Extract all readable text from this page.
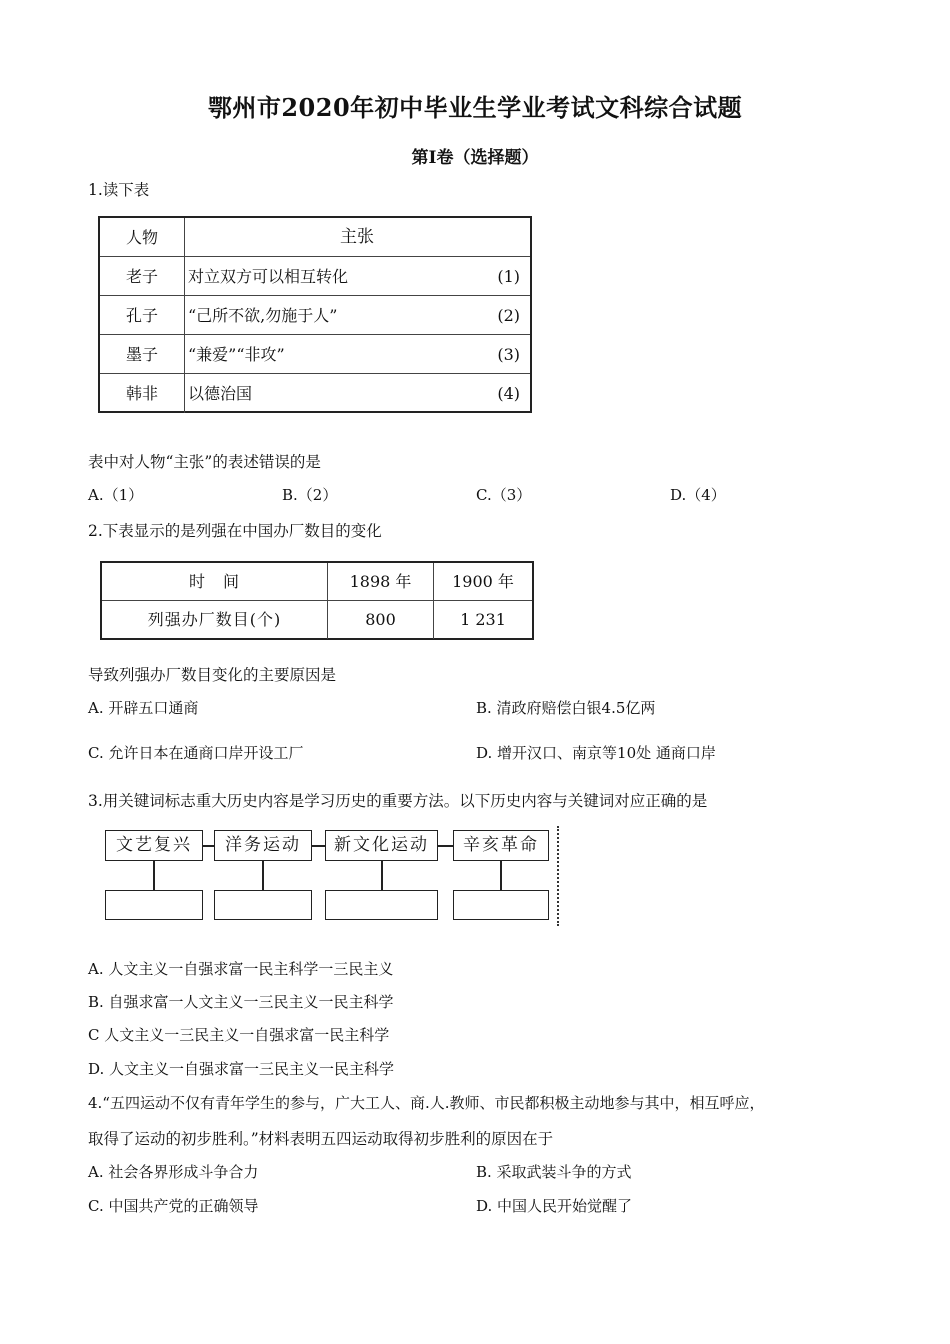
鄂州市2020年初中毕业生学业考试文科综合试题
第Ⅰ卷（选择题）
1.读下表
人物	主张
老子	对立双方可以相互转化	(1)
孔子	“己所不欲,勿施于人”	(2)
墨子	“兼爱”“非攻”	(3)
韩非	以德治国	(4)
表中对人物“主张”的表述错误的是
A.（1）	B.（2）	C.（3）	D.（4）
2.下表显示的是列强在中国办厂数目的变化
时　间	1898 年	1900 年
列强办厂数目(个)	800	1 231
导致列强办厂数目变化的主要原因是
A. 开辟五口通商	B. 清政府赔偿白银4.5亿两
C. 允许日本在通商口岸开设工厂	D. 增开汉口、南京等10处 通商口岸
3.用关键词标志重大历史内容是学习历史的重要方法。以下历史内容与关键词对应正确的是
文艺复兴	洋务运动	新文化运动	辛亥革命
A. 人文主义一自强求富一民主科学一三民主义
B. 自强求富一人文主义一三民主义一民主科学
C 人文主义一三民主义一自强求富一民主科学
D. 人文主义一自强求富一三民主义一民主科学
4.“五四运动不仅有青年学生的参与，广大工人、商.人.教师、市民都积极主动地参与其中，相互呼应，
取得了运动的初步胜利。”材料表明五四运动取得初步胜利的原因在于
A. 社会各界形成斗争合力	B. 采取武装斗争的方式
C. 中国共产党的正确领导	D. 中国人民开始觉醒了
